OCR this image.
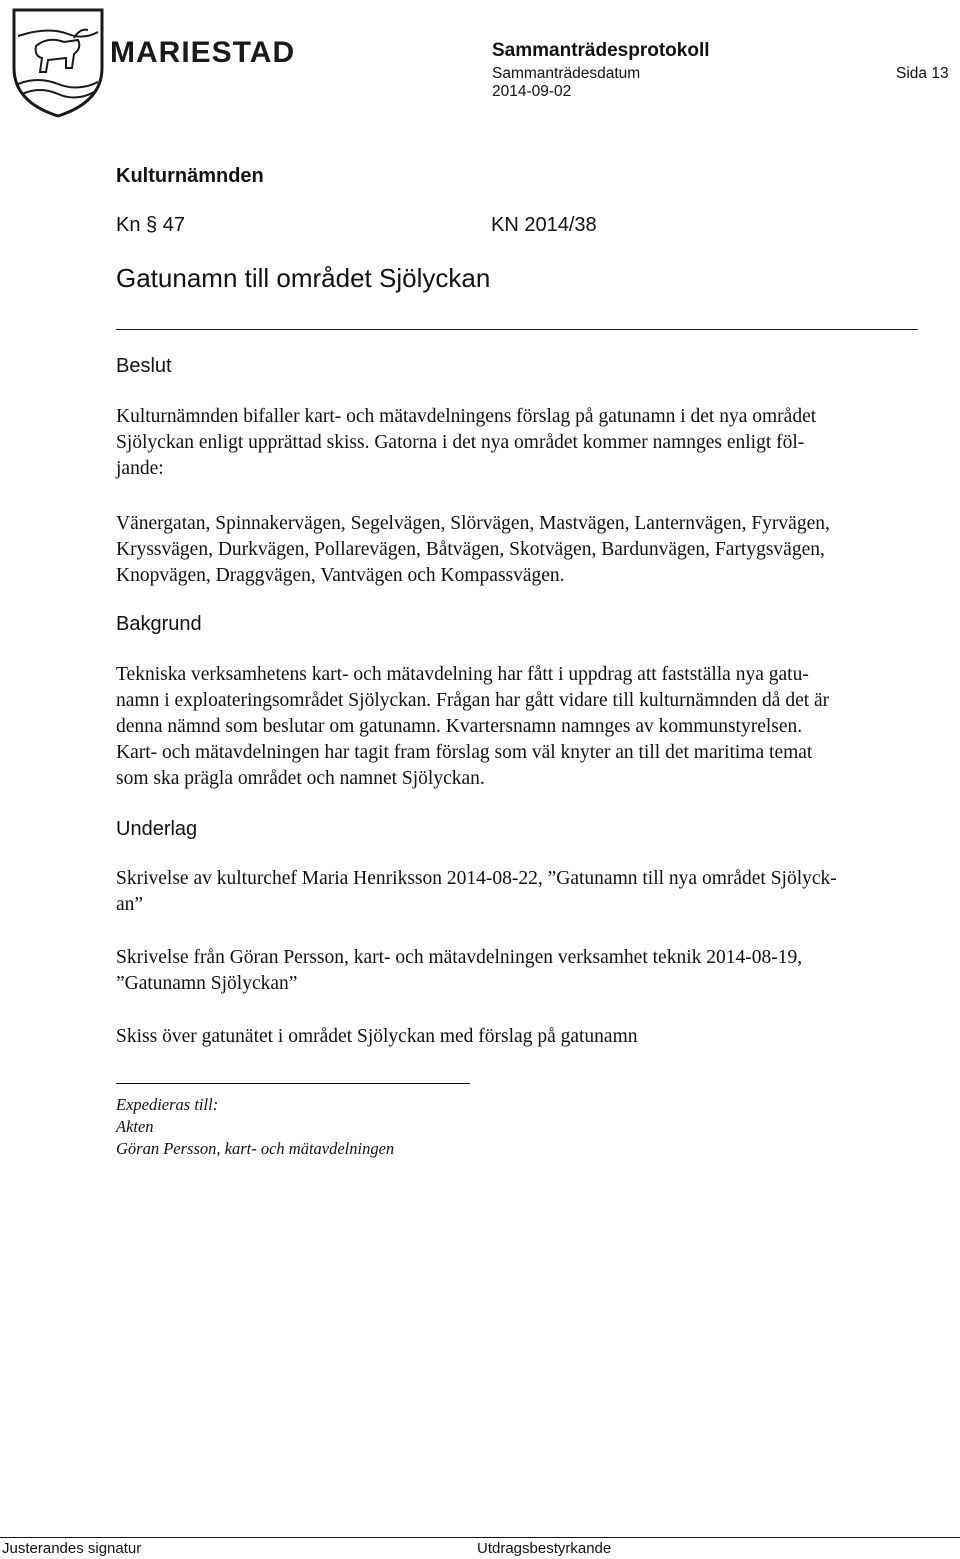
MARIESTAD	Sammanträdesprotokoll
Sammanträdesdatum
2014-09-02
Sida 13
Kulturnämnden
Kn § 47	KN 2014/38
Gatunamn till området Sjölyckan
Beslut
Kulturnämnden bifaller kart- och mätavdelningens förslag på gatunamn i det nya området
Sjölyckan enligt upprättad skiss. Gatorna i det nya området kommer namnges enligt föl-
jande:
Vänergatan, Spinnakervägen, Segelvägen, Slörvägen, Mastvägen, Lanternvägen, Fyrvägen,
Kryssvägen, Durkvägen, Pollarevägen, Båtvägen, Skotvägen, Bardunvägen, Fartygsvägen,
Knopvägen, Draggvägen, Vantvägen och Kompassvägen.
Bakgrund
Tekniska verksamhetens kart- och mätavdelning har fått i uppdrag att fastställa nya gatu-
namn i exploateringsområdet Sjölyckan. Frågan har gått vidare till kulturnämnden då det är
denna nämnd som beslutar om gatunamn. Kvartersnamn namnges av kommunstyrelsen.
Kart- och mätavdelningen har tagit fram förslag som väl knyter an till det maritima temat
som ska prägla området och namnet Sjölyckan.
Underlag
Skrivelse av kulturchef Maria Henriksson 2014-08-22, ”Gatunamn till nya området Sjölyck-
an”
Skrivelse från Göran Persson, kart- och mätavdelningen verksamhet teknik 2014-08-19,
”Gatunamn Sjölyckan”
Skiss över gatunätet i området Sjölyckan med förslag på gatunamn
Expedieras till:
Akten
Göran Persson, kart- och mätavdelningen
Justerandes signatur	Utdragsbestyrkande
